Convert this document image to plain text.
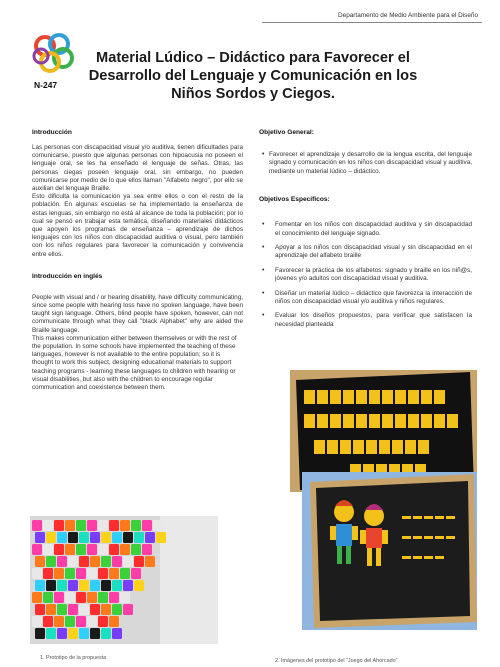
Departamento de Medio Ambiente para el Diseño
N-247
Material Lúdico – Didáctico para Favorecer el Desarrollo del Lenguaje y Comunicación en los Niños Sordos y Ciegos.
Introducción

Las personas con discapacidad visual y/o auditiva, tienen dificultades para comunicarse, puesto que algunas personas con hipoacusia no poseen el lenguaje oral, se les ha enseñado el lenguaje de señas. Otras, las personas ciegas poseen lenguaje oral, sin embargo, no pueden comunicarse por medio de lo que ellos llaman "Alfabeto negro", por ello se auxilian del lenguaje Braille.

Esto dificulta la comunicación ya sea entre ellos o con el resto de la población. En algunas escuelas se ha implementado la enseñanza de estas lenguas, sin embargo no está al alcance de toda la población; por lo cual se pensó en trabajar esta temática, diseñando materiales didácticos que apoyen los programas de enseñanza – aprendizaje de dichos lenguajes con los niños con discapacidad auditiva o visual, pero también con los niños regulares para favorecer la comunicación y convivencia entre ellos.

Introducción en inglés

People with visual and / or hearing disability, have difficulty communicating, since some people with hearing loss have no spoken language, have been taught sign language. Others, blind people have spoken, however, can not communicate through what they call "black Alphabet" why are aided the Braille language.

This makes communication either between themselves or with the rest of the population. In some schools have implemented the teaching of these languages, however is not available to the entire population; so it is thought to work this subject, designing educational materials to support teaching programs - learning these languages to children with hearing or visual disabilities, but also with the children to encourage regular communication and coexistence between them.

Objetivo General:
• Favorecer el aprendizaje y desarrollo de la lengua escrita, del lenguaje signado y comunicación en los niños con discapacidad visual y auditiva, mediante un material lúdico – didáctico.
Objetivos Específicos:
• Fomentar en los niños con discapacidad auditiva y sin discapacidad el conocimiento del lenguaje signado.
• Apoyar a los niños con discapacidad visual y sin discapacidad en el aprendizaje del alfabeto braille
• Favorecer la práctica de los alfabetos: signado y braille en los niñ@s, jóvenes y/o adultos con discapacidad visual y auditiva.
• Diseñar un material lúdico – didáctico que favorezca la interacción de niños con discapacidad visual y/o auditiva y niños regulares.
• Evaluar los diseños propuestos, para verificar que satisfacen la necesidad planteada
1. Prototipo de la propuesta	2. Imágenes del prototipo del "Juego del Ahorcado"
